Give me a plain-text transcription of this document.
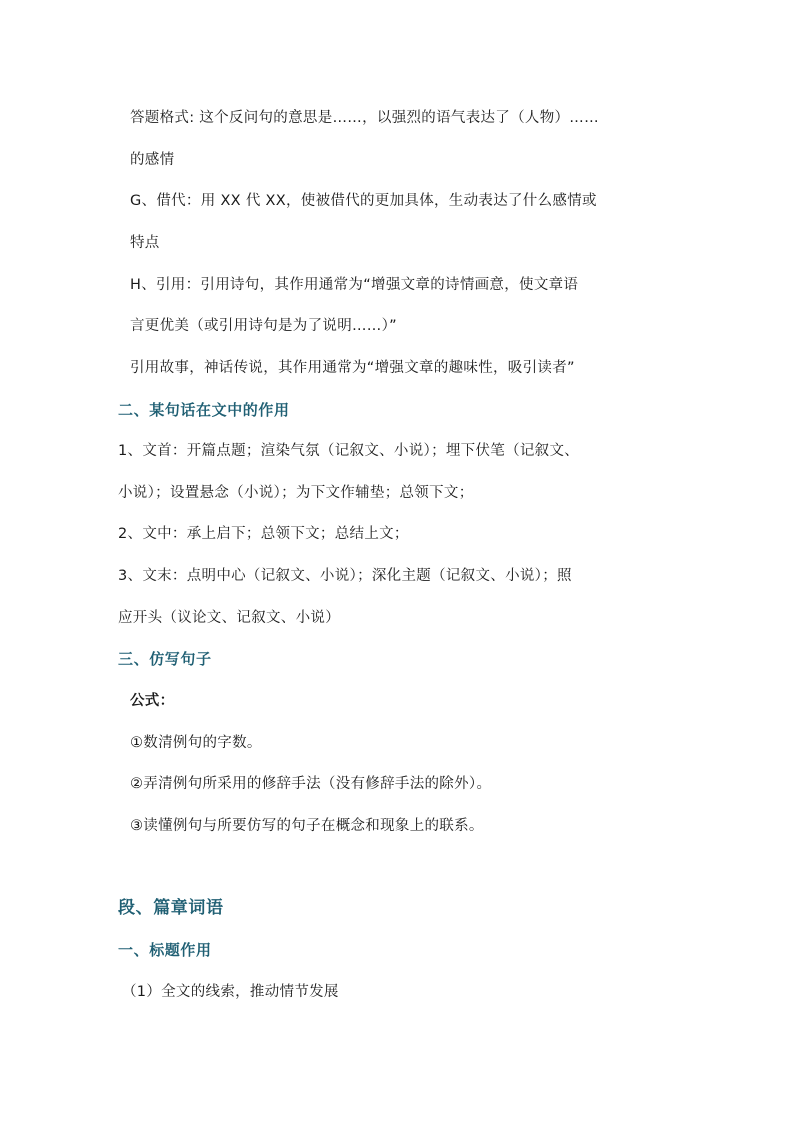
答题格式: 这个反问句的意思是……，以强烈的语气表达了（人物）……
的感情
G、借代：用 XX 代 XX，使被借代的更加具体，生动表达了什么感情或
特点
H、引用：引用诗句，其作用通常为“增强文章的诗情画意，使文章语
言更优美（或引用诗句是为了说明……）”
引用故事，神话传说，其作用通常为“增强文章的趣味性，吸引读者”
二、某句话在文中的作用
1、文首：开篇点题；渲染气氛（记叙文、小说）；埋下伏笔（记叙文、
小说）；设置悬念（小说）；为下文作辅垫；总领下文；
2、文中：承上启下；总领下文；总结上文；
3、文末：点明中心（记叙文、小说）；深化主题（记叙文、小说）；照
应开头（议论文、记叙文、小说）
三、仿写句子
公式：
①数清例句的字数。
②弄清例句所采用的修辞手法（没有修辞手法的除外）。
③读懂例句与所要仿写的句子在概念和现象上的联系。
段、篇章词语
一、标题作用
（1）全文的线索，推动情节发展
